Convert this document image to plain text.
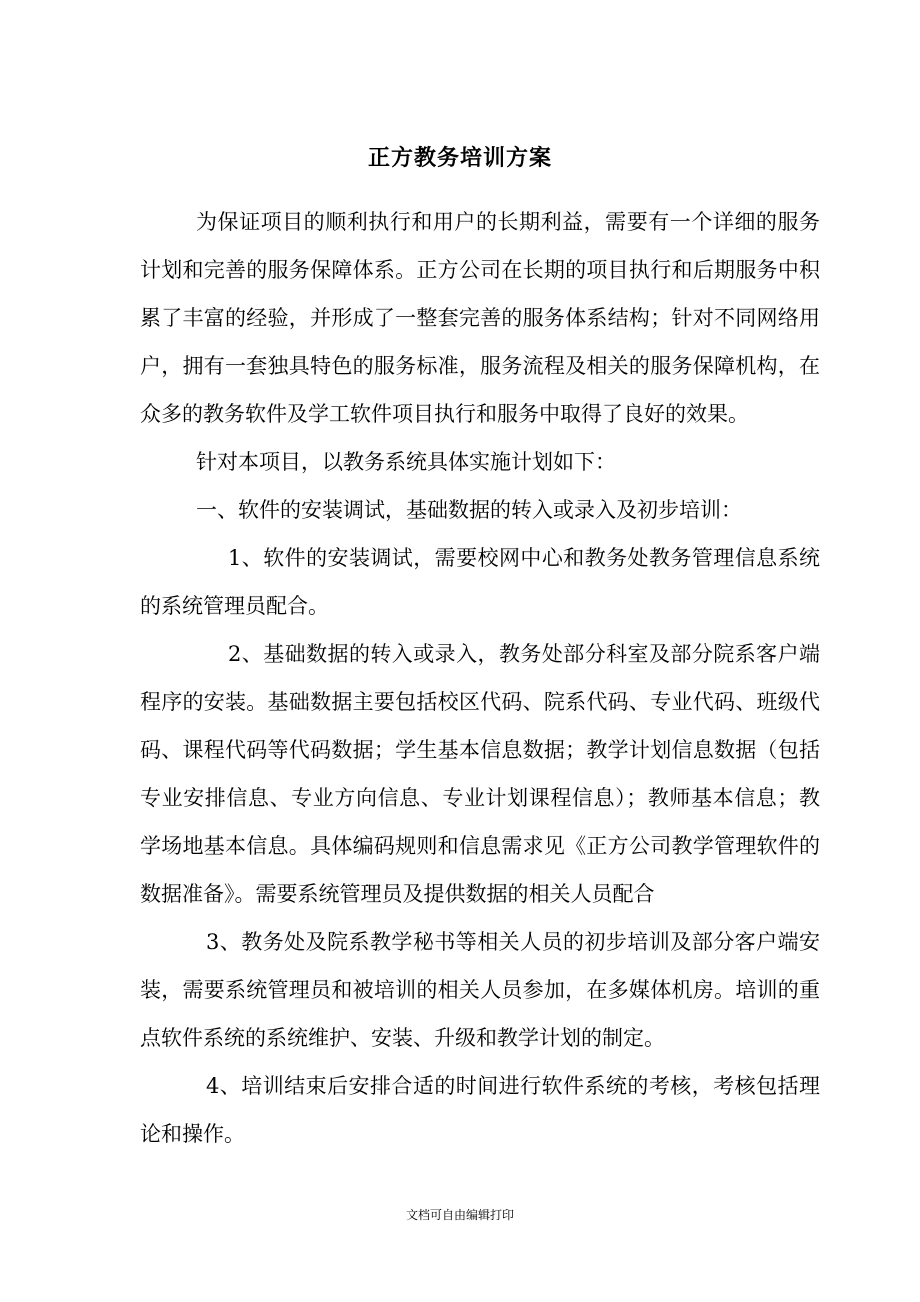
正方教务培训方案
为保证项目的顺利执行和用户的长期利益，需要有一个详细的服务
计划和完善的服务保障体系。正方公司在长期的项目执行和后期服务中积
累了丰富的经验，并形成了一整套完善的服务体系结构；针对不同网络用
户，拥有一套独具特色的服务标准，服务流程及相关的服务保障机构，在
众多的教务软件及学工软件项目执行和服务中取得了良好的效果。
针对本项目，以教务系统具体实施计划如下：
一、软件的安装调试，基础数据的转入或录入及初步培训：
1、软件的安装调试，需要校网中心和教务处教务管理信息系统
的系统管理员配合。
2、基础数据的转入或录入，教务处部分科室及部分院系客户端
程序的安装。基础数据主要包括校区代码、院系代码、专业代码、班级代
码、课程代码等代码数据；学生基本信息数据；教学计划信息数据（包括
专业安排信息、专业方向信息、专业计划课程信息）；教师基本信息；教
学场地基本信息。具体编码规则和信息需求见《正方公司教学管理软件的
数据准备》。需要系统管理员及提供数据的相关人员配合
3、教务处及院系教学秘书等相关人员的初步培训及部分客户端安
装，需要系统管理员和被培训的相关人员参加，在多媒体机房。培训的重
点软件系统的系统维护、安装、升级和教学计划的制定。
4、培训结束后安排合适的时间进行软件系统的考核，考核包括理
论和操作。
文档可自由编辑打印
